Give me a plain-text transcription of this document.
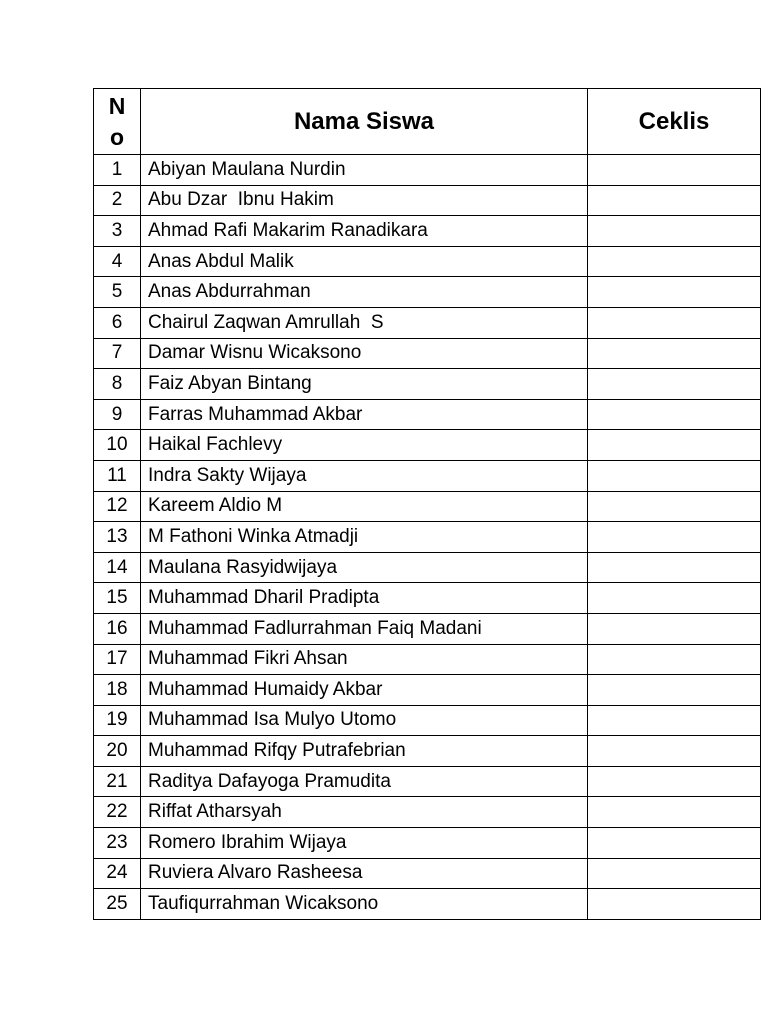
No	Nama Siswa	Ceklis
1	Abiyan Maulana Nurdin	
2	Abu Dzar  Ibnu Hakim	
3	Ahmad Rafi Makarim Ranadikara	
4	Anas Abdul Malik	
5	Anas Abdurrahman	
6	Chairul Zaqwan Amrullah  S	
7	Damar Wisnu Wicaksono	
8	Faiz Abyan Bintang	
9	Farras Muhammad Akbar	
10	Haikal Fachlevy	
11	Indra Sakty Wijaya	
12	Kareem Aldio M	
13	M Fathoni Winka Atmadji	
14	Maulana Rasyidwijaya	
15	Muhammad Dharil Pradipta	
16	Muhammad Fadlurrahman Faiq Madani	
17	Muhammad Fikri Ahsan	
18	Muhammad Humaidy Akbar	
19	Muhammad Isa Mulyo Utomo	
20	Muhammad Rifqy Putrafebrian	
21	Raditya Dafayoga Pramudita	
22	Riffat Atharsyah	
23	Romero Ibrahim Wijaya	
24	Ruviera Alvaro Rasheesa	
25	Taufiqurrahman Wicaksono	
